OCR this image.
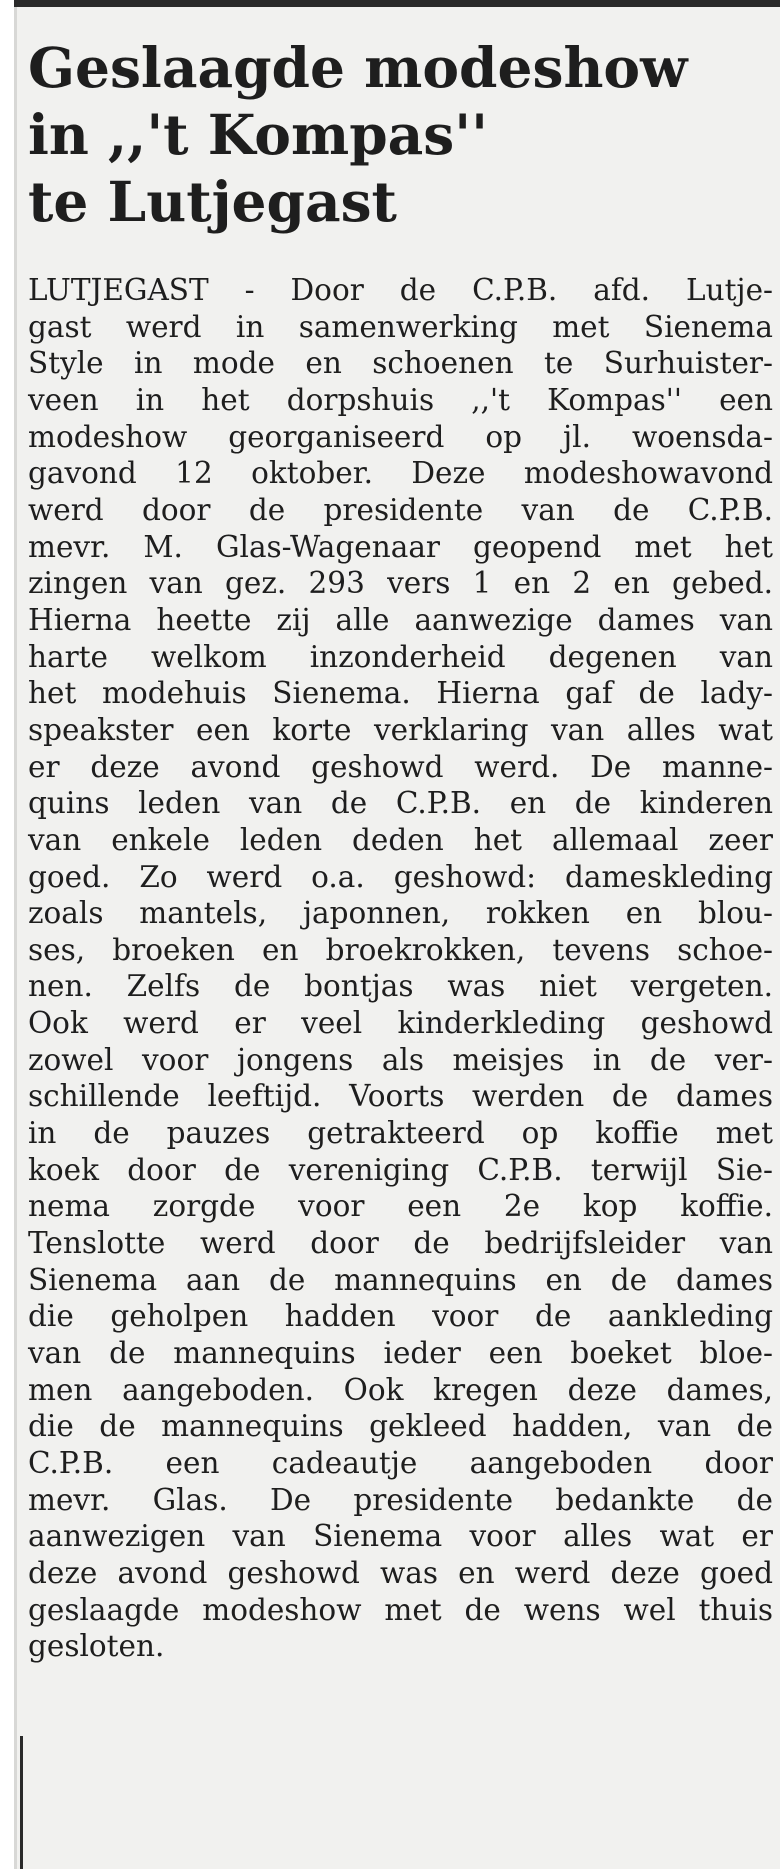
Geslaagde modeshow
in ,,'t Kompas''
te Lutjegast
LUTJEGAST - Door de C.P.B. afd. Lutje-
gast werd in samenwerking met Sienema
Style in mode en schoenen te Surhuister-
veen in het dorpshuis ,,'t Kompas'' een
modeshow georganiseerd op jl. woensda-
gavond 12 oktober. Deze modeshowavond
werd door de presidente van de C.P.B.
mevr. M. Glas-Wagenaar geopend met het
zingen van gez. 293 vers 1 en 2 en gebed.
Hierna heette zij alle aanwezige dames van
harte welkom inzonderheid degenen van
het modehuis Sienema. Hierna gaf de lady-
speakster een korte verklaring van alles wat
er deze avond geshowd werd. De manne-
quins leden van de C.P.B. en de kinderen
van enkele leden deden het allemaal zeer
goed. Zo werd o.a. geshowd: dameskleding
zoals mantels, japonnen, rokken en blou-
ses, broeken en broekrokken, tevens schoe-
nen. Zelfs de bontjas was niet vergeten.
Ook werd er veel kinderkleding geshowd
zowel voor jongens als meisjes in de ver-
schillende leeftijd. Voorts werden de dames
in de pauzes getrakteerd op koffie met
koek door de vereniging C.P.B. terwijl Sie-
nema zorgde voor een 2e kop koffie.
Tenslotte werd door de bedrijfsleider van
Sienema aan de mannequins en de dames
die geholpen hadden voor de aankleding
van de mannequins ieder een boeket bloe-
men aangeboden. Ook kregen deze dames,
die de mannequins gekleed hadden, van de
C.P.B. een cadeautje aangeboden door
mevr. Glas. De presidente bedankte de
aanwezigen van Sienema voor alles wat er
deze avond geshowd was en werd deze goed
geslaagde modeshow met de wens wel thuis
gesloten.
